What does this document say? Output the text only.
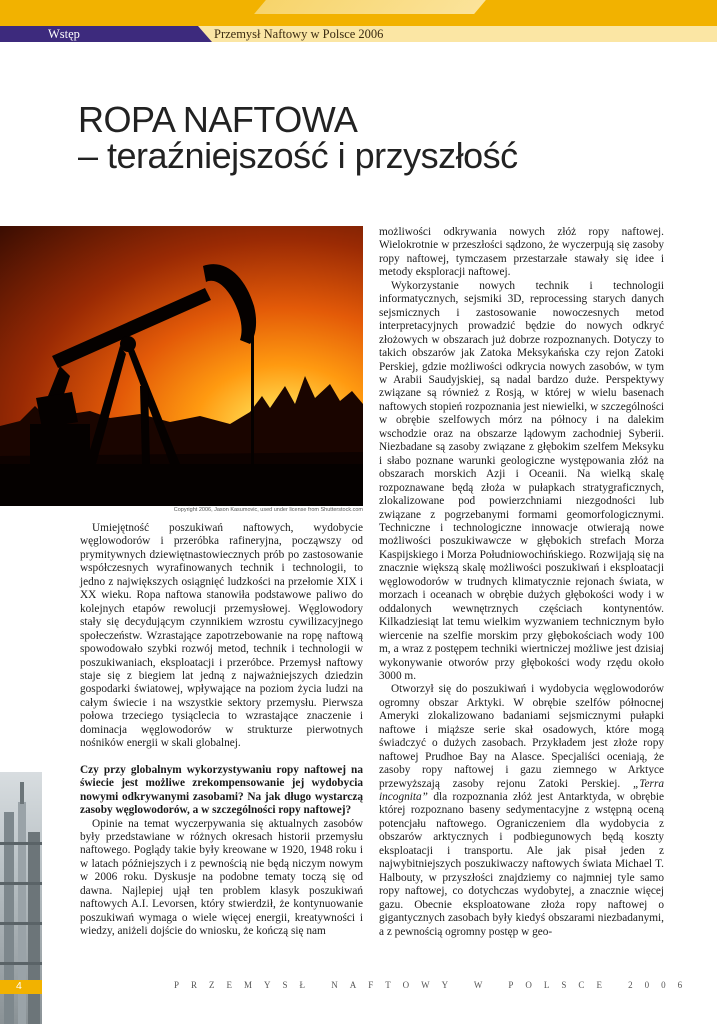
Wstęp	Przemysł Naftowy w Polsce 2006
ROPA NAFTOWA
– teraźniejszość i przyszłość
Copyright 2006, Jason Kasumovic, used under license from Shutterstock.com

Umiejętność poszukiwań naftowych, wydobycie węglowodorów i przeróbka rafineryjna, począwszy od prymitywnych dziewiętnastowiecznych prób po zastosowanie współczesnych wyrafinowanych technik i technologii, to jedno z największych osiągnięć ludzkości na przełomie XIX i XX wieku. Ropa naftowa stanowiła podstawowe paliwo do kolejnych etapów rewolucji przemysłowej. Węglowodory stały się decydującym czynnikiem wzrostu cywilizacyjnego społeczeństw. Wzrastające zapotrzebowanie na ropę naftową spowodowało szybki rozwój metod, technik i technologii w poszukiwaniach, eksploatacji i przeróbce. Przemysł naftowy staje się z biegiem lat jedną z najważniejszych dziedzin gospodarki światowej, wpływające na poziom życia ludzi na całym świecie i na wszystkie sektory przemysłu. Pierwsza połowa trzeciego tysiąclecia to wzrastające znaczenie i dominacja węglowodorów w strukturze pierwotnych nośników energii w skali globalnej.

Czy przy globalnym wykorzystywaniu ropy naftowej na świecie jest możliwe zrekompensowanie jej wydobycia nowymi odkrywanymi zasobami? Na jak długo wystarczą zasoby węglowodorów, a w szczególności ropy naftowej?

Opinie na temat wyczerpywania się aktualnych zasobów były przedstawiane w różnych okresach historii przemysłu naftowego. Poglądy takie były kreowane w 1920, 1948 roku i w latach późniejszych i z pewnością nie będą niczym nowym w 2006 roku. Dyskusje na podobne tematy toczą się od dawna. Najlepiej ujął ten problem klasyk poszukiwań naftowych A.I. Levorsen, który stwierdził, że kontynuowanie poszukiwań wymaga o wiele więcej energii, kreatywności i wiedzy, aniżeli dojście do wniosku, że kończą się nam

możliwości odkrywania nowych złóż ropy naftowej. Wielokrotnie w przeszłości sądzono, że wyczerpują się zasoby ropy naftowej, tymczasem przestarzałe stawały się idee i metody eksploracji naftowej.

Wykorzystanie nowych technik i technologii informatycznych, sejsmiki 3D, reprocessing starych danych sejsmicznych i zastosowanie nowoczesnych metod interpretacyjnych prowadzić będzie do nowych odkryć złożowych w obszarach już dobrze rozpoznanych. Dotyczy to takich obszarów jak Zatoka Meksykańska czy rejon Zatoki Perskiej, gdzie możliwości odkrycia nowych zasobów, w tym w Arabii Saudyjskiej, są nadal bardzo duże. Perspektywy związane są również z Rosją, w której w wielu basenach naftowych stopień rozpoznania jest niewielki, w szczególności w obrębie szelfowych mórz na północy i na dalekim wschodzie oraz na obszarze lądowym zachodniej Syberii. Niezbadane są zasoby związane z głębokim szelfem Meksyku i słabo poznane warunki geologiczne występowania złóż na obszarach morskich Azji i Oceanii. Na wielką skalę rozpoznawane będą złoża w pułapkach stratygraficznych, zlokalizowane pod powierzchniami niezgodności lub związane z pogrzebanymi formami geomorfologicznymi. Techniczne i technologiczne innowacje otwierają nowe możliwości poszukiwawcze w głębokich strefach Morza Kaspijskiego i Morza Południowochińskiego. Rozwijają się na znacznie większą skalę możliwości poszukiwań i eksploatacji węglowodorów w trudnych klimatycznie rejonach świata, w morzach i oceanach w obrębie dużych głębokości wody i w oddalonych wewnętrznych częściach kontynentów. Kilkadziesiąt lat temu wielkim wyzwaniem technicznym było wiercenie na szelfie morskim przy głębokościach wody 100 m, a wraz z postępem techniki wiertniczej możliwe jest dzisiaj wykonywanie otworów przy głębokości wody rzędu około 3000 m.

Otworzył się do poszukiwań i wydobycia węglowodorów ogromny obszar Arktyki. W obrębie szelfów północnej Ameryki zlokalizowano badaniami sejsmicznymi pułapki naftowe i miąższe serie skał osadowych, które mogą świadczyć o dużych zasobach. Przykładem jest złoże ropy naftowej Prudhoe Bay na Alasce. Specjaliści oceniają, że zasoby ropy naftowej i gazu ziemnego w Arktyce przewyższają zasoby rejonu Zatoki Perskiej. „Terra incognita” dla rozpoznania złóż jest Antarktyda, w obrębie której rozpoznano baseny sedymentacyjne z wstępną oceną potencjału naftowego. Ograniczeniem dla wydobycia z obszarów arktycznych i podbiegunowych będą koszty eksploatacji i transportu. Ale jak pisał jeden z najwybitniejszych poszukiwaczy naftowych świata Michael T. Halbouty, w przyszłości znajdziemy co najmniej tyle samo ropy naftowej, co dotychczas wydobytej, a znacznie więcej gazu. Obecnie eksploatowane złoża ropy naftowej o gigantycznych zasobach były kiedyś obszarami niezbadanymi, a z pewnością ogromny postęp w geo-

4	PRZEMYSŁ NAFTOWY W POLSCE 2006
